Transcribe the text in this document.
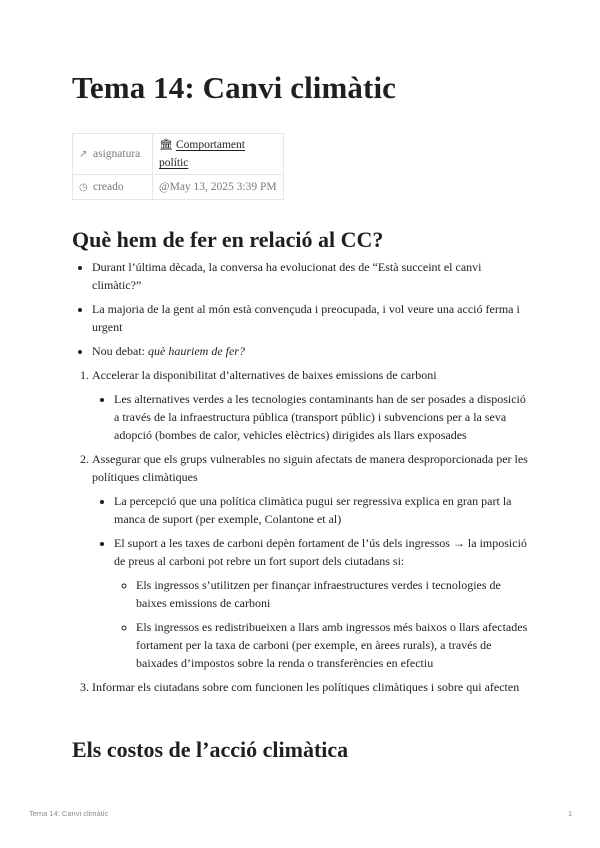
Tema 14: Canvi climàtic
↗ asignatura	🏛 Comportament polític
◷ creado	@May 13, 2025 3:39 PM
Què hem de fer en relació al CC?
• Durant l’última dècada, la conversa ha evolucionat des de “Està succeint el canvi climàtic?”
• La majoria de la gent al món està convençuda i preocupada, i vol veure una acció ferma i urgent
• Nou debat: què hauriem de fer?
1. Accelerar la disponibilitat d’alternatives de baixes emissions de carboni
• Les alternatives verdes a les tecnologies contaminants han de ser posades a disposició a través de la infraestructura pública (transport públic) i subvencions per a la seva adopció (bombes de calor, vehicles elèctrics) dirigides als llars exposades
2. Assegurar que els grups vulnerables no siguin afectats de manera desproporcionada per les polítiques climàtiques
• La percepció que una política climàtica pugui ser regressiva explica en gran part la manca de suport (per exemple, Colantone et al)
• El suport a les taxes de carboni depèn fortament de l’ús dels ingressos → la imposició de preus al carboni pot rebre un fort suport dels ciutadans si:
◦ Els ingressos s’utilitzen per finançar infraestructures verdes i tecnologies de baixes emissions de carboni
◦ Els ingressos es redistribueixen a llars amb ingressos més baixos o llars afectades fortament per la taxa de carboni (per exemple, en àrees rurals), a través de baixades d’impostos sobre la renda o transferències en efectiu
3. Informar els ciutadans sobre com funcionen les polítiques climàtiques i sobre qui afecten
Els costos de l’acció climàtica
Tema 14: Canvi climàtic	1
